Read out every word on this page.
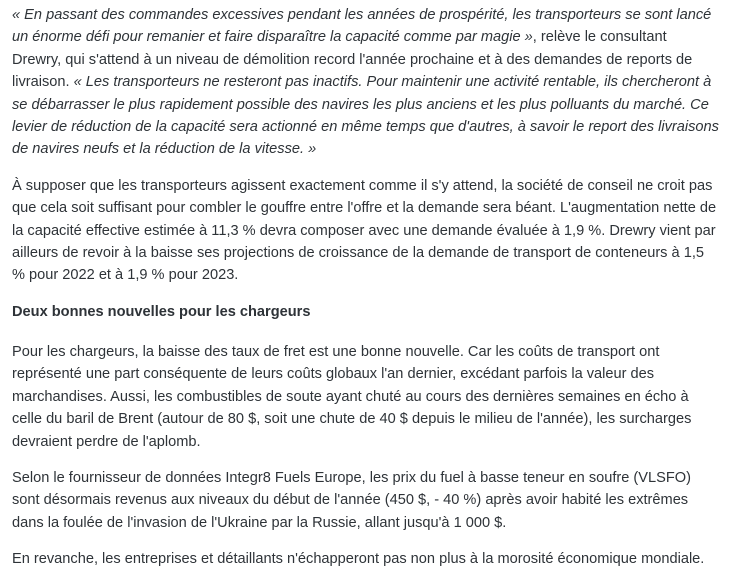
« En passant des commandes excessives pendant les années de prospérité, les transporteurs se sont lancé un énorme défi pour remanier et faire disparaître la capacité comme par magie », relève le consultant Drewry, qui s'attend à un niveau de démolition record l'année prochaine et à des demandes de reports de livraison. « Les transporteurs ne resteront pas inactifs. Pour maintenir une activité rentable, ils chercheront à se débarrasser le plus rapidement possible des navires les plus anciens et les plus polluants du marché. Ce levier de réduction de la capacité sera actionné en même temps que d'autres, à savoir le report des livraisons de navires neufs et la réduction de la vitesse. »

À supposer que les transporteurs agissent exactement comme il s'y attend, la société de conseil ne croit pas que cela soit suffisant pour combler le gouffre entre l'offre et la demande sera béant. L'augmentation nette de la capacité effective estimée à 11,3 % devra composer avec une demande évaluée à 1,9 %. Drewry vient par ailleurs de revoir à la baisse ses projections de croissance de la demande de transport de conteneurs à 1,5 % pour 2022 et à 1,9 % pour 2023.

Deux bonnes nouvelles pour les chargeurs

Pour les chargeurs, la baisse des taux de fret est une bonne nouvelle. Car les coûts de transport ont représenté une part conséquente de leurs coûts globaux l'an dernier, excédant parfois la valeur des marchandises. Aussi, les combustibles de soute ayant chuté au cours des dernières semaines en écho à celle du baril de Brent (autour de 80 $, soit une chute de 40 $ depuis le milieu de l'année), les surcharges devraient perdre de l'aplomb.

Selon le fournisseur de données Integr8 Fuels Europe, les prix du fuel à basse teneur en soufre (VLSFO) sont désormais revenus aux niveaux du début de l'année (450 $, - 40 %) après avoir habité les extrêmes dans la foulée de l'invasion de l'Ukraine par la Russie, allant jusqu'à 1 000 $.

En revanche, les entreprises et détaillants n'échapperont pas non plus à la morosité économique mondiale.
